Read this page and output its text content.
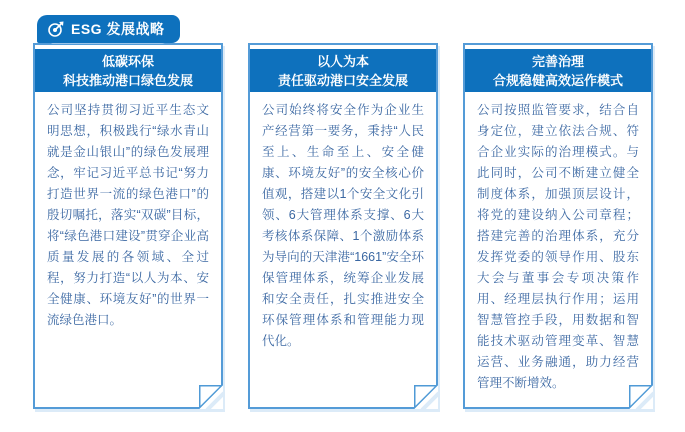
ESG 发展战略
低碳环保
科技推动港口绿色发展
公司坚持贯彻习近平生态文明思想，积极践行“绿水青山就是金山银山”的绿色发展理念，牢记习近平总书记“努力打造世界一流的绿色港口”的殷切嘱托，落实“双碳”目标，将“绿色港口建设”贯穿企业高质量发展的各领域、全过程，努力打造“以人为本、安全健康、环境友好”的世界一流绿色港口。
以人为本
责任驱动港口安全发展
公司始终将安全作为企业生产经营第一要务，秉持“人民至上、生命至上、安全健康、环境友好”的安全核心价值观，搭建以1个安全文化引领、6大管理体系支撑、6大考核体系保障、1个激励体系为导向的天津港“1661”安全环保管理体系，统筹企业发展和安全责任，扎实推进安全环保管理体系和管理能力现代化。
完善治理
合规稳健高效运作模式
公司按照监管要求，结合自身定位，建立依法合规、符合企业实际的治理模式。与此同时，公司不断建立健全制度体系，加强顶层设计，将党的建设纳入公司章程；搭建完善的治理体系，充分发挥党委的领导作用、股东大会与董事会专项决策作用、经理层执行作用；运用智慧管控手段，用数据和智能技术驱动管理变革、智慧运营、业务融通，助力经营管理不断增效。
